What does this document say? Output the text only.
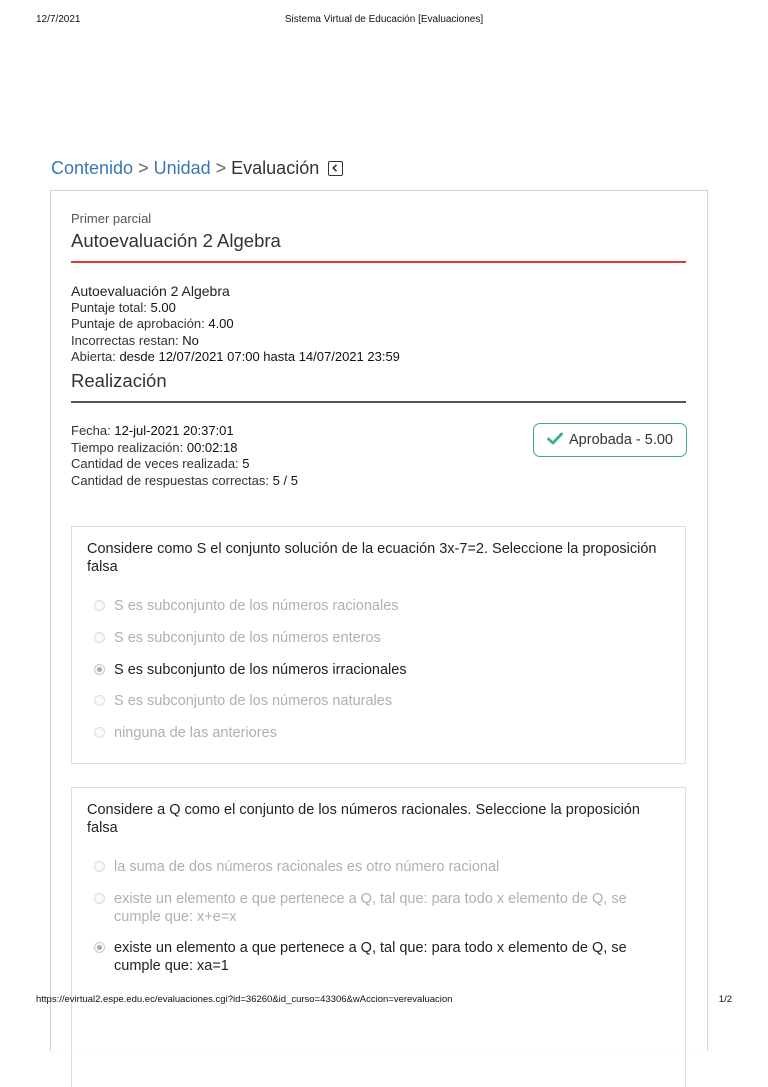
12/7/2021	Sistema Virtual de Educación [Evaluaciones]
Contenido > Unidad > Evaluación
Primer parcial
Autoevaluación 2 Algebra
Autoevaluación 2 Algebra
Puntaje total: 5.00
Puntaje de aprobación: 4.00
Incorrectas restan: No
Abierta: desde 12/07/2021 07:00 hasta 14/07/2021 23:59
Realización
Fecha: 12-jul-2021 20:37:01
Tiempo realización: 00:02:18
Cantidad de veces realizada: 5
Cantidad de respuestas correctas: 5 / 5
Aprobada - 5.00
Considere como S el conjunto solución de la ecuación 3x-7=2. Seleccione la proposición falsa
S es subconjunto de los números racionales
S es subconjunto de los números enteros
S es subconjunto de los números irracionales
S es subconjunto de los números naturales
ninguna de las anteriores
Considere a Q como el conjunto de los números racionales. Seleccione la proposición falsa
la suma de dos números racionales es otro número racional
existe un elemento e que pertenece a Q, tal que: para todo x elemento de Q, se cumple que: x+e=x
existe un elemento a que pertenece a Q, tal que: para todo x elemento de Q, se cumple que: xa=1
https://evirtual2.espe.edu.ec/evaluaciones.cgi?id=36260&id_curso=43306&wAccion=verevaluacion	1/2
